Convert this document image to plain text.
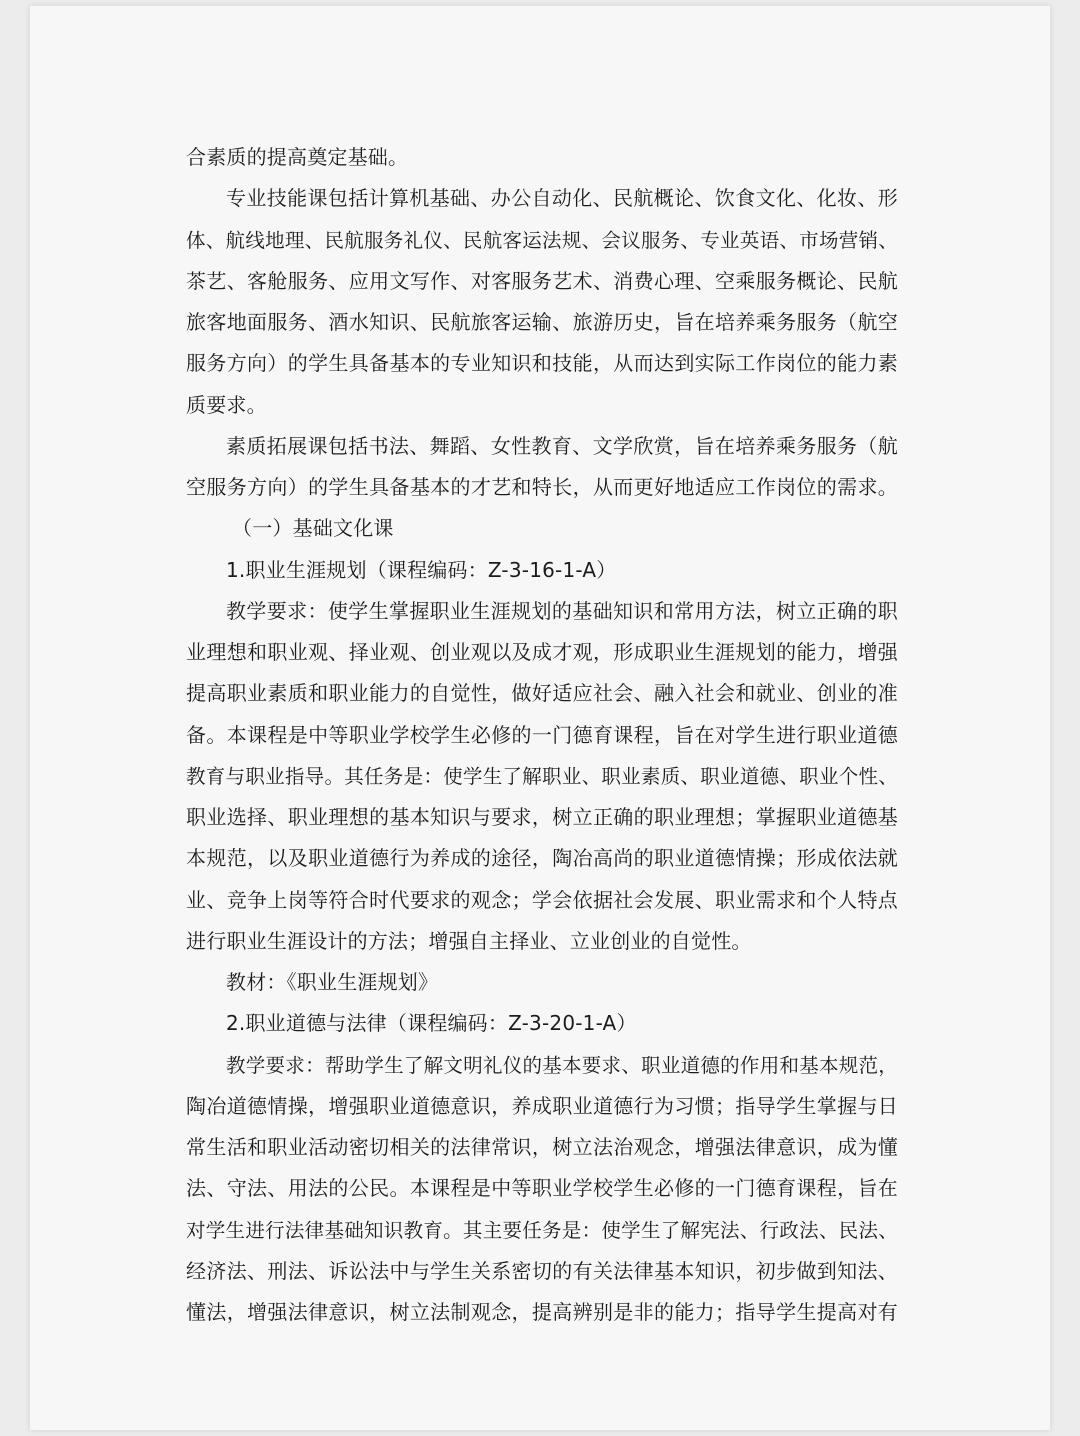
合素质的提高奠定基础。
专业技能课包括计算机基础、办公自动化、民航概论、饮食文化、化妆、形
体、航线地理、民航服务礼仪、民航客运法规、会议服务、专业英语、市场营销、
茶艺、客舱服务、应用文写作、对客服务艺术、消费心理、空乘服务概论、民航
旅客地面服务、酒水知识、民航旅客运输、旅游历史，旨在培养乘务服务（航空
服务方向）的学生具备基本的专业知识和技能，从而达到实际工作岗位的能力素
质要求。
素质拓展课包括书法、舞蹈、女性教育、文学欣赏，旨在培养乘务服务（航
空服务方向）的学生具备基本的才艺和特长，从而更好地适应工作岗位的需求。
（一）基础文化课
1.职业生涯规划（课程编码：Z-3-16-1-A）
教学要求：使学生掌握职业生涯规划的基础知识和常用方法，树立正确的职
业理想和职业观、择业观、创业观以及成才观，形成职业生涯规划的能力，增强
提高职业素质和职业能力的自觉性，做好适应社会、融入社会和就业、创业的准
备。本课程是中等职业学校学生必修的一门德育课程，旨在对学生进行职业道德
教育与职业指导。其任务是：使学生了解职业、职业素质、职业道德、职业个性、
职业选择、职业理想的基本知识与要求，树立正确的职业理想；掌握职业道德基
本规范，以及职业道德行为养成的途径，陶冶高尚的职业道德情操；形成依法就
业、竞争上岗等符合时代要求的观念；学会依据社会发展、职业需求和个人特点
进行职业生涯设计的方法；增强自主择业、立业创业的自觉性。
教材：《职业生涯规划》
2.职业道德与法律（课程编码：Z-3-20-1-A）
教学要求：帮助学生了解文明礼仪的基本要求、职业道德的作用和基本规范，
陶冶道德情操，增强职业道德意识，养成职业道德行为习惯；指导学生掌握与日
常生活和职业活动密切相关的法律常识，树立法治观念，增强法律意识，成为懂
法、守法、用法的公民。本课程是中等职业学校学生必修的一门德育课程，旨在
对学生进行法律基础知识教育。其主要任务是：使学生了解宪法、行政法、民法、
经济法、刑法、诉讼法中与学生关系密切的有关法律基本知识，初步做到知法、
懂法，增强法律意识，树立法制观念，提高辨别是非的能力；指导学生提高对有
